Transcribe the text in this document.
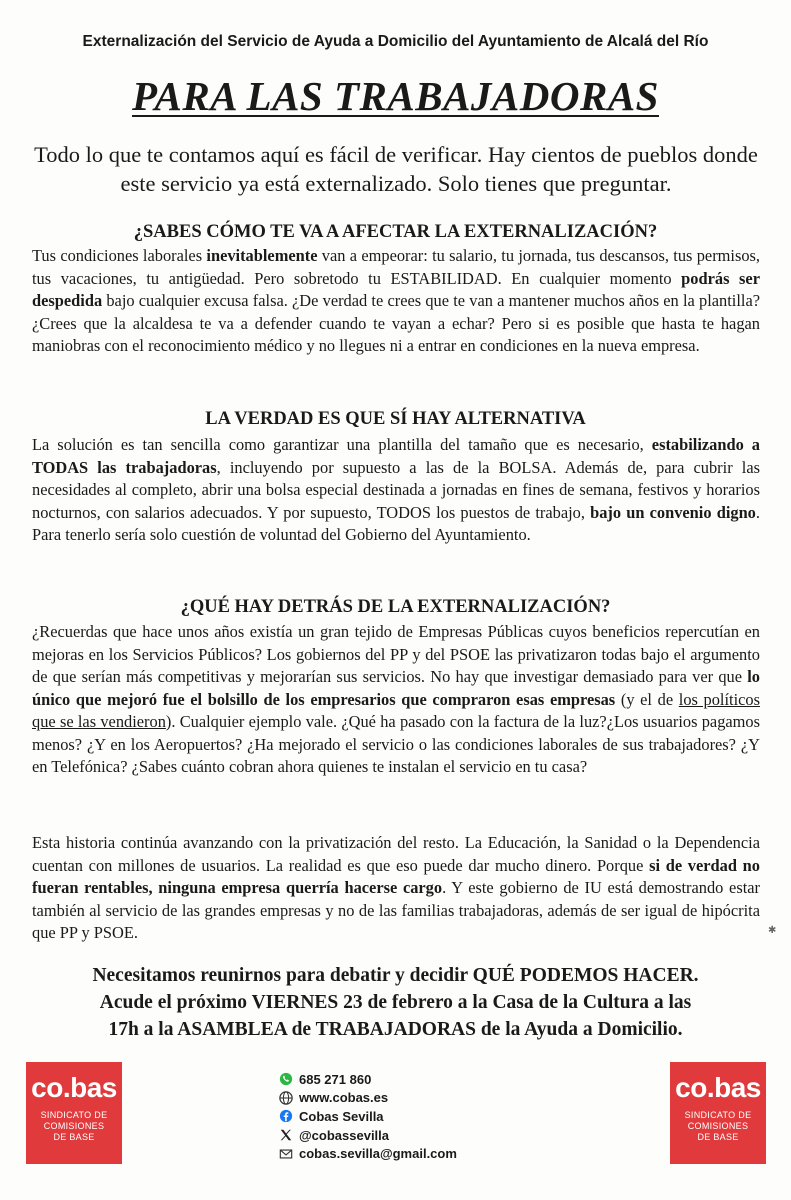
Externalización del Servicio de Ayuda a Domicilio del Ayuntamiento de Alcalá del Río
PARA LAS TRABAJADORAS
Todo lo que te contamos aquí es fácil de verificar. Hay cientos de pueblos donde este servicio ya está externalizado. Solo tienes que preguntar.
¿SABES CÓMO TE VA A AFECTAR LA EXTERNALIZACIÓN?
Tus condiciones laborales inevitablemente van a empeorar: tu salario, tu jornada, tus descansos, tus permisos, tus vacaciones, tu antigüedad. Pero sobretodo tu ESTABILIDAD. En cualquier momento podrás ser despedida bajo cualquier excusa falsa. ¿De verdad te crees que te van a mantener muchos años en la plantilla? ¿Crees que la alcaldesa te va a defender cuando te vayan a echar? Pero si es posible que hasta te hagan maniobras con el reconocimiento médico y no llegues ni a entrar en condiciones en la nueva empresa.
LA VERDAD ES QUE SÍ HAY ALTERNATIVA
La solución es tan sencilla como garantizar una plantilla del tamaño que es necesario, estabilizando a TODAS las trabajadoras, incluyendo por supuesto a las de la BOLSA. Además de, para cubrir las necesidades al completo, abrir una bolsa especial destinada a jornadas en fines de semana, festivos y horarios nocturnos, con salarios adecuados. Y por supuesto, TODOS los puestos de trabajo, bajo un convenio digno. Para tenerlo sería solo cuestión de voluntad del Gobierno del Ayuntamiento.
¿QUÉ HAY DETRÁS DE LA EXTERNALIZACIÓN?
¿Recuerdas que hace unos años existía un gran tejido de Empresas Públicas cuyos beneficios repercutían en mejoras en los Servicios Públicos? Los gobiernos del PP y del PSOE las privatizaron todas bajo el argumento de que serían más competitivas y mejorarían sus servicios. No hay que investigar demasiado para ver que lo único que mejoró fue el bolsillo de los empresarios que compraron esas empresas (y el de los políticos que se las vendieron). Cualquier ejemplo vale. ¿Qué ha pasado con la factura de la luz?¿Los usuarios pagamos menos? ¿Y en los Aeropuertos? ¿Ha mejorado el servicio o las condiciones laborales de sus trabajadores? ¿Y en Telefónica? ¿Sabes cuánto cobran ahora quienes te instalan el servicio en tu casa?
Esta historia continúa avanzando con la privatización del resto. La Educación, la Sanidad o la Dependencia cuentan con millones de usuarios. La realidad es que eso puede dar mucho dinero. Porque si de verdad no fueran rentables, ninguna empresa querría hacerse cargo. Y este gobierno de IU está demostrando estar también al servicio de las grandes empresas y no de las familias trabajadoras, además de ser igual de hipócrita que PP y PSOE.
Necesitamos reunirnos para debatir y decidir QUÉ PODEMOS HACER.
Acude el próximo VIERNES 23 de febrero a la Casa de la Cultura a las
17h a la ASAMBLEA de TRABAJADORAS de la Ayuda a Domicilio.
co.bas
SINDICATO DE
COMISIONES
DE BASE
co.bas
SINDICATO DE
COMISIONES
DE BASE
685 271 860
www.cobas.es
Cobas Sevilla
@cobassevilla
cobas.sevilla@gmail.com
✱
